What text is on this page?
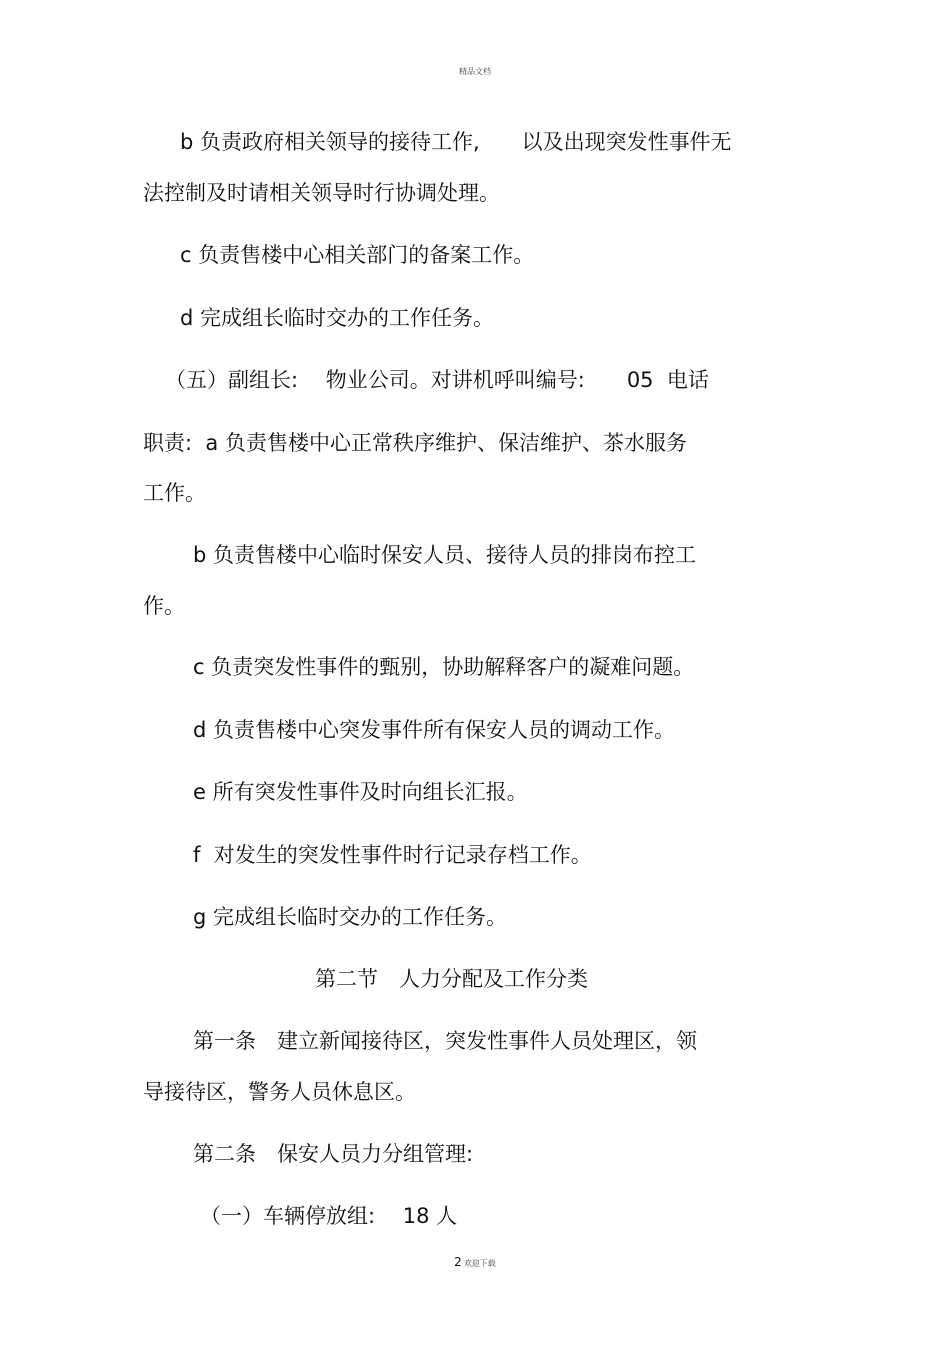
精品文档

b 负责政府相关领导的接待工作,　　以及出现突发性事件无

法控制及时请相关领导时行协调处理。

c 负责售楼中心相关部门的备案工作。

d 完成组长临时交办的工作任务。

（五）副组长:　 物业公司。对讲机呼叫编号:　　05  电话

职责:  a 负责售楼中心正常秩序维护、保洁维护、茶水服务

工作。

b 负责售楼中心临时保安人员、接待人员的排岗布控工

作。

c 负责突发性事件的甄别，协助解释客户的凝难问题。

d 负责售楼中心突发事件所有保安人员的调动工作。

e 所有突发性事件及时向组长汇报。

f  对发生的突发性事件时行记录存档工作。

g 完成组长临时交办的工作任务。

第二节　人力分配及工作分类

第一条　建立新闻接待区，突发性事件人员处理区，领

导接待区，警务人员休息区。

第二条　保安人员力分组管理:

（一）车辆停放组:　 18 人

2 欢迎下载
